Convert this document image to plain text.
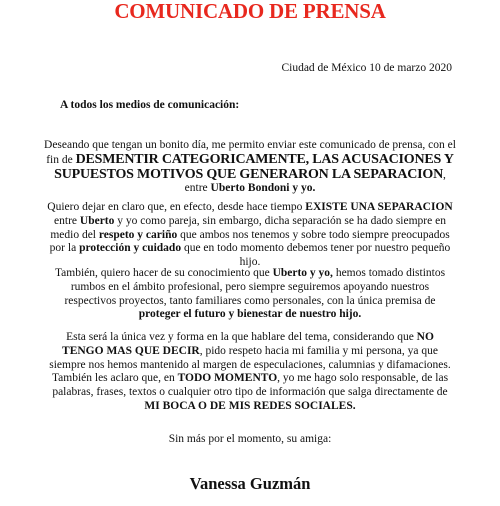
COMUNICADO DE PRENSA
Ciudad de México 10 de marzo 2020
A todos los medios de comunicación:
Deseando que tengan un bonito día, me permito enviar este comunicado de prensa, con el fin de DESMENTIR CATEGORICAMENTE, LAS ACUSACIONES Y SUPUESTOS MOTIVOS QUE GENERARON LA SEPARACION, entre Uberto Bondoni y yo.
Quiero dejar en claro que, en efecto, desde hace tiempo EXISTE UNA SEPARACION entre Uberto y yo como pareja, sin embargo, dicha separación se ha dado siempre en medio del respeto y cariño que ambos nos tenemos y sobre todo siempre preocupados por la protección y cuidado que en todo momento debemos tener por nuestro pequeño hijo.
También, quiero hacer de su conocimiento que Uberto y yo, hemos tomado distintos rumbos en el ámbito profesional, pero siempre seguiremos apoyando nuestros respectivos proyectos, tanto familiares como personales, con la única premisa de proteger el futuro y bienestar de nuestro hijo.
Esta será la única vez y forma en la que hablare del tema, considerando que NO TENGO MAS QUE DECIR, pido respeto hacia mi familia y mi persona, ya que siempre nos hemos mantenido al margen de especulaciones, calumnias y difamaciones. También les aclaro que, en TODO MOMENTO, yo me hago solo responsable, de las palabras, frases, textos o cualquier otro tipo de información que salga directamente de MI BOCA O DE MIS REDES SOCIALES.
Sin más por el momento, su amiga:
Vanessa Guzmán
